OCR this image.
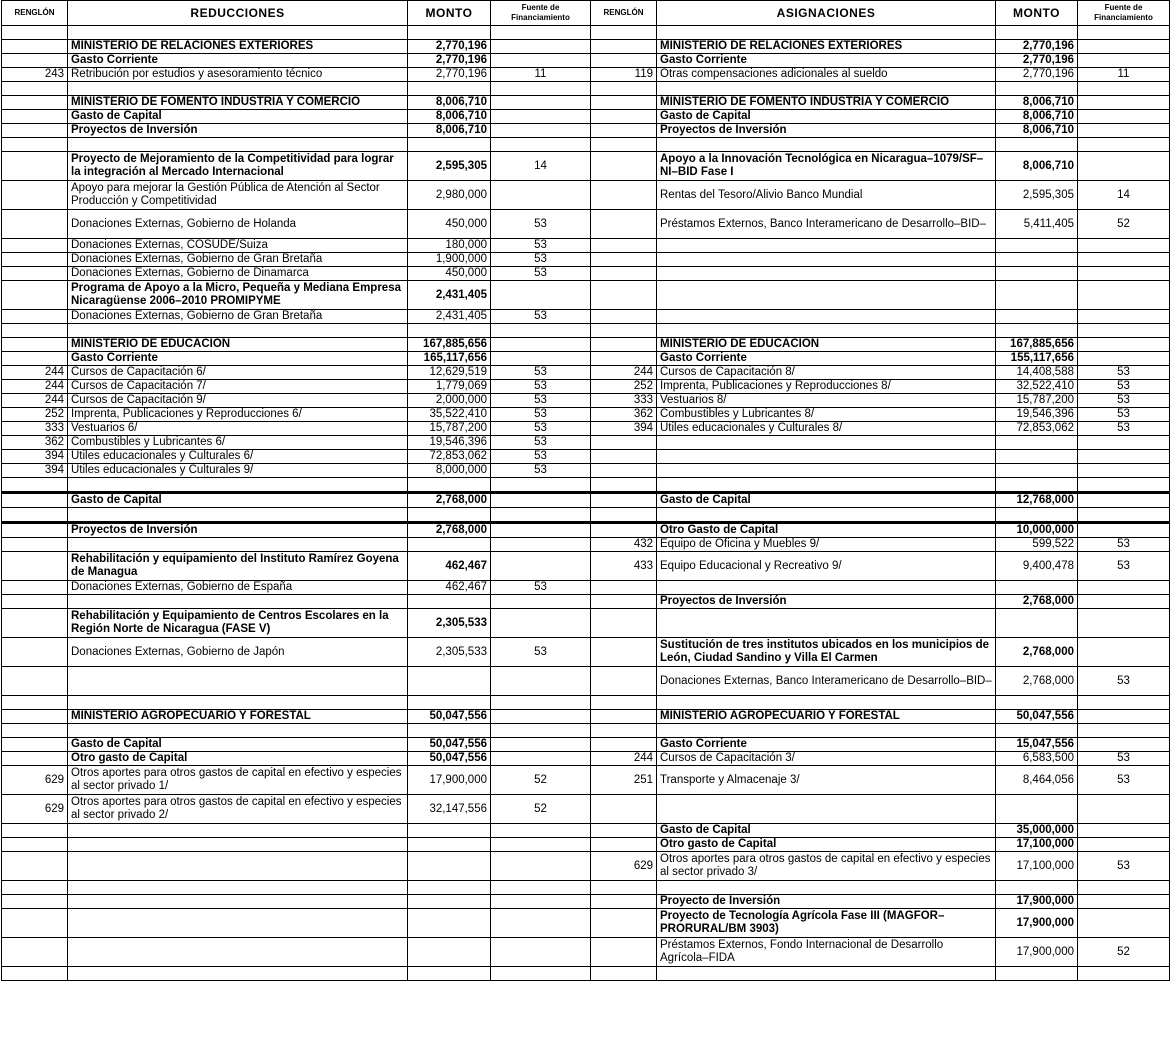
RENGLÓN	REDUCCIONES	MONTO	Fuente de Financiamiento	RENGLÓN	ASIGNACIONES	MONTO	Fuente de Financiamiento

	MINISTERIO DE RELACIONES EXTERIORES	2,770,196			MINISTERIO DE RELACIONES EXTERIORES	2,770,196	
	Gasto Corriente	2,770,196			Gasto Corriente	2,770,196	
243	Retribución por estudios y asesoramiento técnico	2,770,196	11	119	Otras compensaciones adicionales al sueldo	2,770,196	11

	MINISTERIO DE FOMENTO INDUSTRIA Y COMERCIO	8,006,710			MINISTERIO DE FOMENTO INDUSTRIA Y COMERCIO	8,006,710	
	Gasto de Capital	8,006,710			Gasto de Capital	8,006,710	
	Proyectos de Inversión	8,006,710			Proyectos de Inversión	8,006,710	

	Proyecto de Mejoramiento de la Competitividad para lograr la integración al Mercado Internacional	2,595,305	14		Apoyo a la Innovación Tecnológica en Nicaragua–1079/SF–NI–BID Fase I	8,006,710	
	Apoyo para mejorar la Gestión Pública de Atención al Sector Producción y Competitividad	2,980,000			Rentas del Tesoro/Alivio Banco Mundial	2,595,305	14
	Donaciones Externas, Gobierno de Holanda	450,000	53		Préstamos Externos, Banco Interamericano de Desarrollo–BID–	5,411,405	52
	Donaciones Externas, COSUDE/Suiza	180,000	53				
	Donaciones Externas, Gobierno de Gran Bretaña	1,900,000	53				
	Donaciones Externas, Gobierno de Dinamarca	450,000	53				
	Programa de Apoyo a la Micro, Pequeña y Mediana Empresa Nicaragüense 2006–2010 PROMIPYME	2,431,405					
	Donaciones Externas, Gobierno de Gran Bretaña	2,431,405	53				

	MINISTERIO DE EDUCACIÓN	167,885,656			MINISTERIO DE EDUCACIÓN	167,885,656	
	Gasto Corriente	165,117,656			Gasto Corriente	155,117,656	
244	Cursos de Capacitación 6/	12,629,519	53	244	Cursos de Capacitación 8/	14,408,588	53
244	Cursos de Capacitación 7/	1,779,069	53	252	Imprenta, Publicaciones y Reproducciones 8/	32,522,410	53
244	Cursos de Capacitación 9/	2,000,000	53	333	Vestuarios 8/	15,787,200	53
252	Imprenta, Publicaciones y Reproducciones 6/	35,522,410	53	362	Combustibles y Lubricantes 8/	19,546,396	53
333	Vestuarios 6/	15,787,200	53	394	Útiles educacionales y Culturales 8/	72,853,062	53
362	Combustibles y Lubricantes 6/	19,546,396	53				
394	Útiles educacionales y Culturales 6/	72,853,062	53				
394	Útiles educacionales y Culturales 9/	8,000,000	53				

	Gasto de Capital	2,768,000			Gasto de Capital	12,768,000	

	Proyectos de Inversión	2,768,000			Otro Gasto de Capital	10,000,000	
				432	Equipo de Oficina y Muebles 9/	599,522	53
	Rehabilitación y equipamiento del Instituto Ramírez Goyena de Managua	462,467		433	Equipo Educacional y Recreativo 9/	9,400,478	53
	Donaciones Externas, Gobierno de España	462,467	53				
					Proyectos de Inversión	2,768,000	
	Rehabilitación y Equipamiento de Centros Escolares en la Región Norte de Nicaragua (FASE V)	2,305,533					
	Donaciones Externas, Gobierno de Japón	2,305,533	53		Sustitución de tres institutos ubicados en los municipios de León, Ciudad Sandino y Villa El Carmen	2,768,000	
					Donaciones Externas, Banco Interamericano de Desarrollo–BID–	2,768,000	53

	MINISTERIO AGROPECUARIO Y FORESTAL	50,047,556			MINISTERIO AGROPECUARIO Y FORESTAL	50,047,556	

	Gasto de Capital	50,047,556			Gasto Corriente	15,047,556	
	Otro gasto de Capital	50,047,556		244	Cursos de Capacitación 3/	6,583,500	53
629	Otros aportes para otros gastos de capital en efectivo y especies al sector privado 1/	17,900,000	52	251	Transporte y Almacenaje 3/	8,464,056	53
629	Otros aportes para otros gastos de capital en efectivo y especies al sector privado 2/	32,147,556	52				
					Gasto de Capital	35,000,000	
					Otro gasto de Capital	17,100,000	
				629	Otros aportes para otros gastos de capital en efectivo y especies al sector privado 3/	17,100,000	53

					Proyecto de Inversión	17,900,000	
					Proyecto de Tecnología Agrícola Fase III (MAGFOR–PRORURAL/BM 3903)	17,900,000	
					Préstamos Externos, Fondo Internacional de Desarrollo Agrícola–FIDA	17,900,000	52
